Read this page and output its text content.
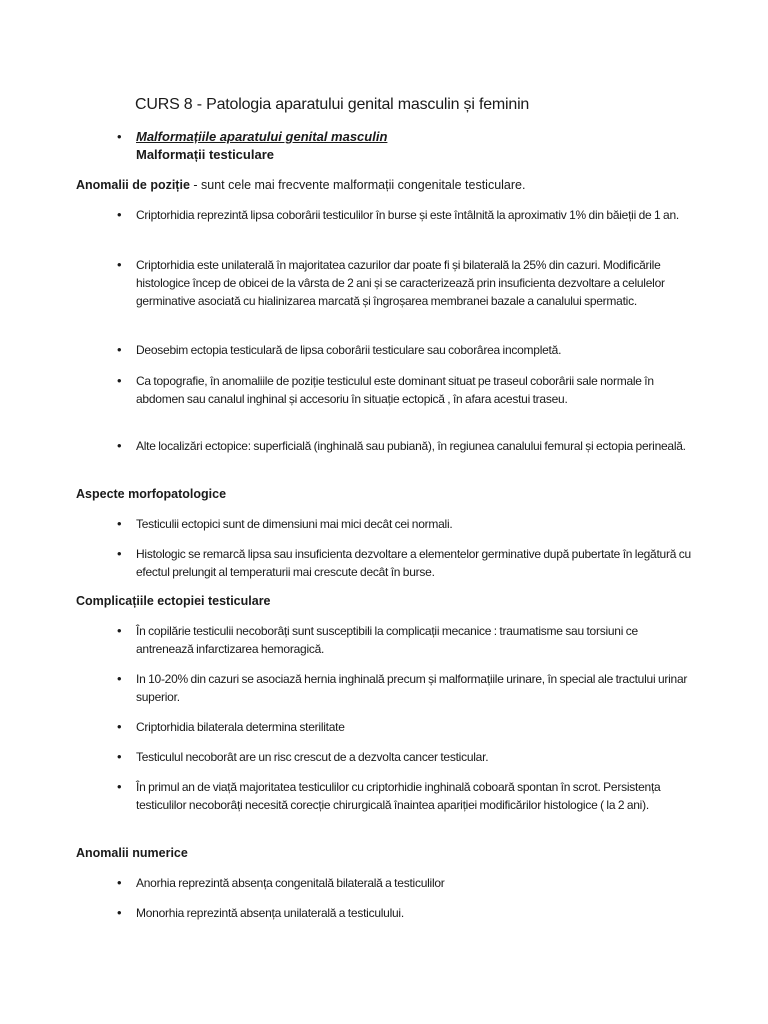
CURS 8 - Patologia aparatului genital masculin și feminin
• Malformațiile aparatului genital masculin
Malformații testiculare
Anomalii de poziție - sunt cele mai frecvente malformații congenitale testiculare.
• Criptorhidia reprezintă lipsa coborârii testiculilor în burse și este întâlnită la aproximativ 1% din băieții de 1 an.
• Criptorhidia este unilaterală în majoritatea cazurilor dar poate fi și bilaterală la 25% din cazuri. Modificările histologice încep de obicei de la vârsta de 2 ani și se caracterizează prin insuficienta dezvoltare a celulelor germinative asociată cu hialinizarea marcată și îngroșarea membranei bazale a canalului spermatic.
• Deosebim ectopia testiculară de lipsa coborârii testiculare sau coborârea incompletă.
• Ca topografie, în anomaliile de poziție testiculul este dominant situat pe traseul coborârii sale normale în abdomen sau canalul inghinal și accesoriu în situație ectopică , în afara acestui traseu.
• Alte localizări ectopice: superficială (inghinală sau pubiană), în regiunea canalului femural și ectopia perineală.
Aspecte morfopatologice
• Testiculii ectopici sunt de dimensiuni mai mici decât cei normali.
• Histologic se remarcă lipsa sau insuficienta dezvoltare a elementelor germinative după pubertate în legătură cu efectul prelungit al temperaturii mai crescute decât în burse.
Complicațiile ectopiei testiculare
• În copilărie testiculii necoborâți sunt susceptibili la complicații mecanice : traumatisme sau torsiuni ce antrenează infarctizarea hemoragică.
• In 10-20% din cazuri se asociază hernia inghinală precum și malformațiile urinare, în special ale tractului urinar superior.
• Criptorhidia bilaterala determina sterilitate
• Testiculul necoborât are un risc crescut de a dezvolta cancer testicular.
• În primul an de viață majoritatea testiculilor cu criptorhidie inghinală coboară spontan în scrot. Persistența testiculilor necoborâți necesită corecție chirurgicală înaintea apariției modificărilor histologice ( la 2 ani).
Anomalii numerice
• Anorhia reprezintă absența congenitală bilaterală a testiculilor
• Monorhia reprezintă absența unilaterală a testiculului.
